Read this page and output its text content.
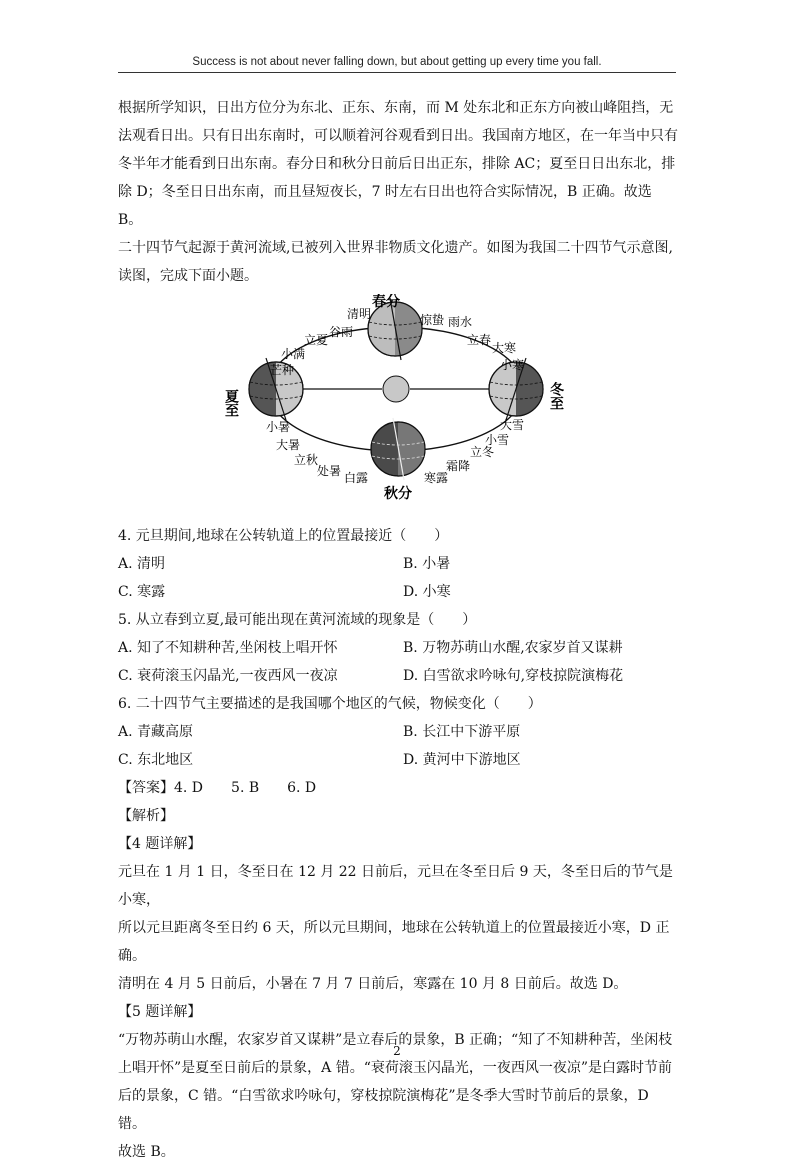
Success is not about never falling down, but about getting up every time you fall.

根据所学知识，日出方位分为东北、正东、东南，而 M 处东北和正东方向被山峰阻挡，无

法观看日出。只有日出东南时，可以顺着河谷观看到日出。我国南方地区，在一年当中只有

冬半年才能看到日出东南。春分日和秋分日前后日出正东，排除 AC；夏至日日出东北，排

除 D；冬至日日出东南，而且昼短夜长，7 时左右日出也符合实际情况，B 正确。故选 B。

二十四节气起源于黄河流域,已被列入世界非物质文化遗产。如图为我国二十四节气示意图,

读图，完成下面小题。

春分
清明
谷雨
立夏
小满
芒种
惊蛰 雨水
立春
大寒
小寒
夏至	冬至
小暑
大暑
立秋
处暑 白露	寒露
霜降
立冬
小雪
大雪
秋分

4. 元旦期间,地球在公转轨道上的位置最接近（　　）

A. 清明	B. 小暑
C. 寒露	D. 小寒

5. 从立春到立夏,最可能出现在黄河流域的现象是（　　）

A. 知了不知耕种苦,坐闲枝上唱开怀	B. 万物苏萌山水醒,农家岁首又谋耕
C. 衰荷滚玉闪晶光,一夜西风一夜凉	D. 白雪欲求吟咏句,穿枝掠院演梅花

6. 二十四节气主要描述的是我国哪个地区的气候，物候变化（　　）

A. 青藏高原	B. 长江中下游平原
C. 东北地区	D. 黄河中下游地区

【答案】4. D　　5. B　　6. D

【解析】

【4 题详解】

元旦在 1 月 1 日，冬至日在 12 月 22 日前后，元旦在冬至日后 9 天，冬至日后的节气是小寒，

所以元旦距离冬至日约 6 天，所以元旦期间，地球在公转轨道上的位置最接近小寒，D 正确。

清明在 4 月 5 日前后，小暑在 7 月 7 日前后，寒露在 10 月 8 日前后。故选 D。

【5 题详解】

“万物苏萌山水醒，农家岁首又谋耕”是立春后的景象，B 正确；“知了不知耕种苦，坐闲枝

上唱开怀”是夏至日前后的景象，A 错。“衰荷滚玉闪晶光，一夜西风一夜凉”是白露时节前

后的景象，C 错。“白雪欲求吟咏句，穿枝掠院演梅花”是冬季大雪时节前后的景象，D 错。

故选 B。

2
